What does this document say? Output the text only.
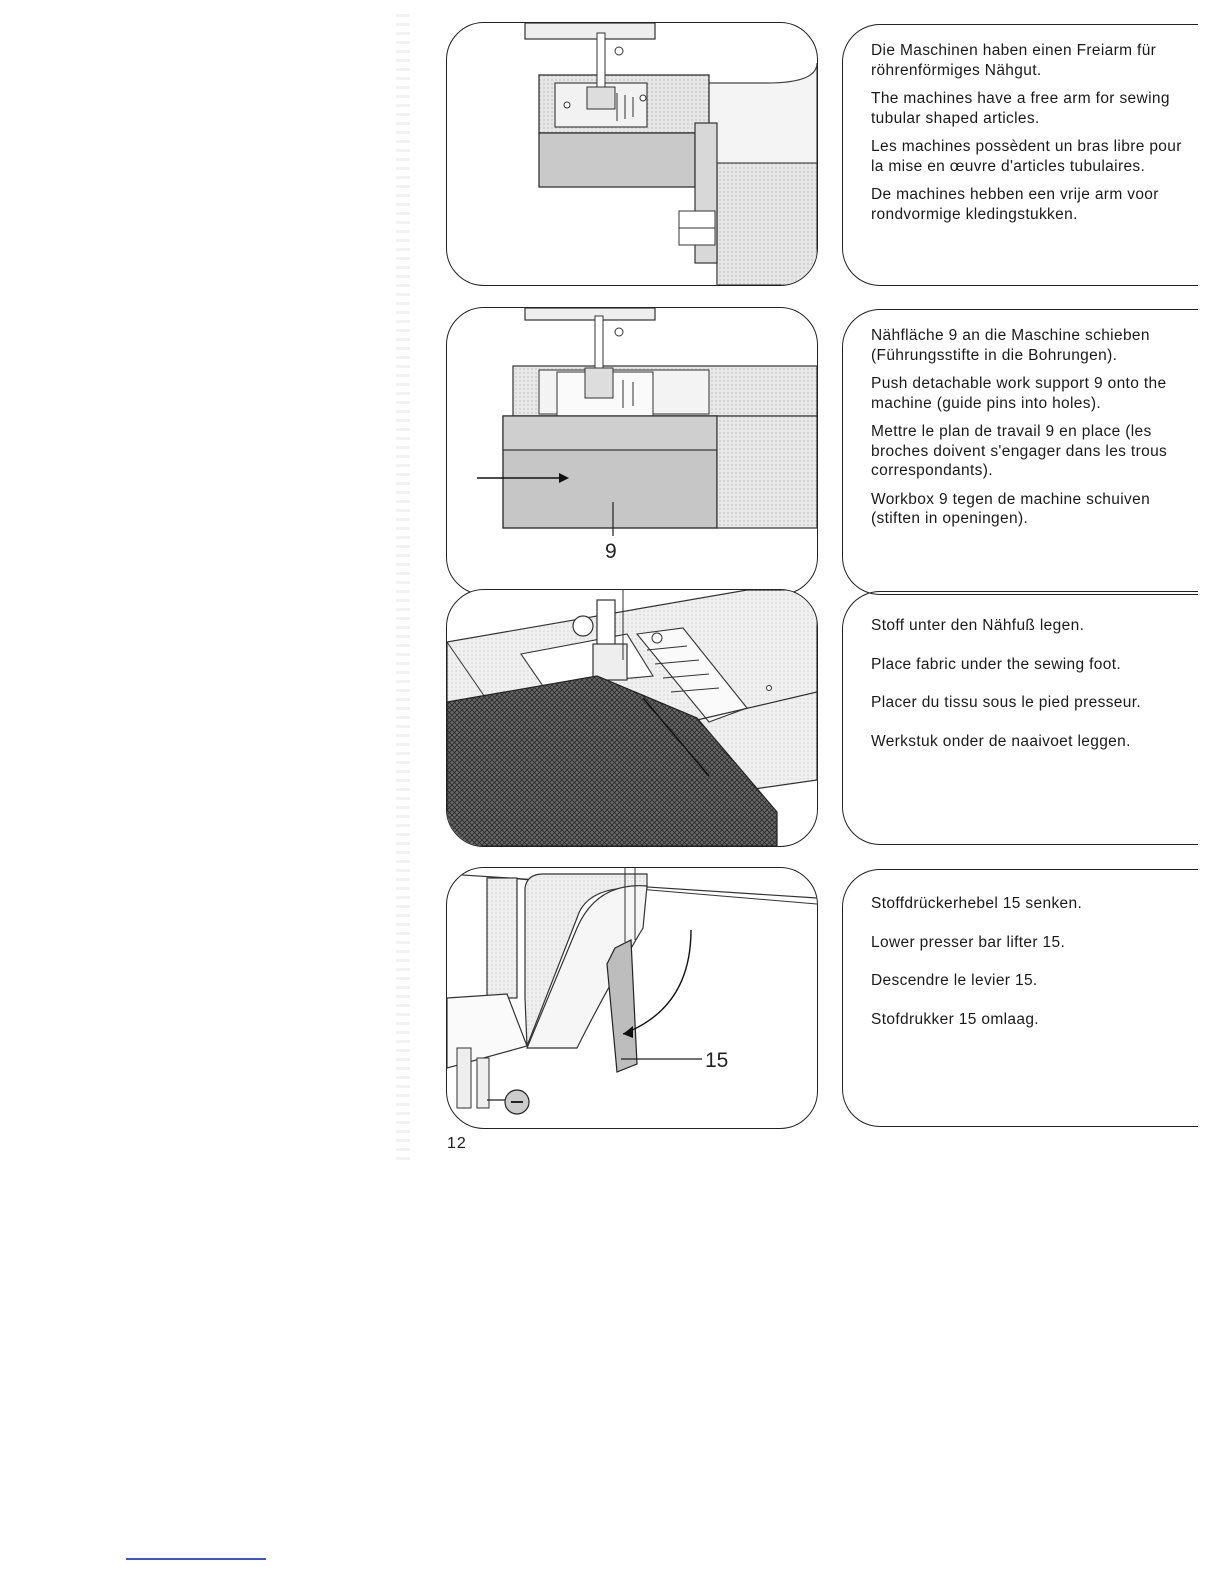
Die Maschinen haben einen Freiarm für röhrenförmiges Nähgut.

The machines have a free arm for sewing tubular shaped articles.

Les machines possèdent un bras libre pour la mise en œuvre d'articles tubulaires.

De machines hebben een vrije arm voor rondvormige kledingstukken.

9

Nähfläche 9 an die Maschine schieben (Führungsstifte in die Bohrungen).

Push detachable work support 9 onto the machine (guide pins into holes).

Mettre le plan de travail 9 en place (les broches doivent s'engager dans les trous correspondants).

Workbox 9 tegen de machine schuiven (stiften in openingen).

Stoff unter den Nähfuß legen.

Place fabric under the sewing foot.

Placer du tissu sous le pied presseur.

Werkstuk onder de naaivoet leggen.

15

Stoffdrückerhebel 15 senken.

Lower presser bar lifter 15.

Descendre le levier 15.

Stofdrukker 15 omlaag.

12
